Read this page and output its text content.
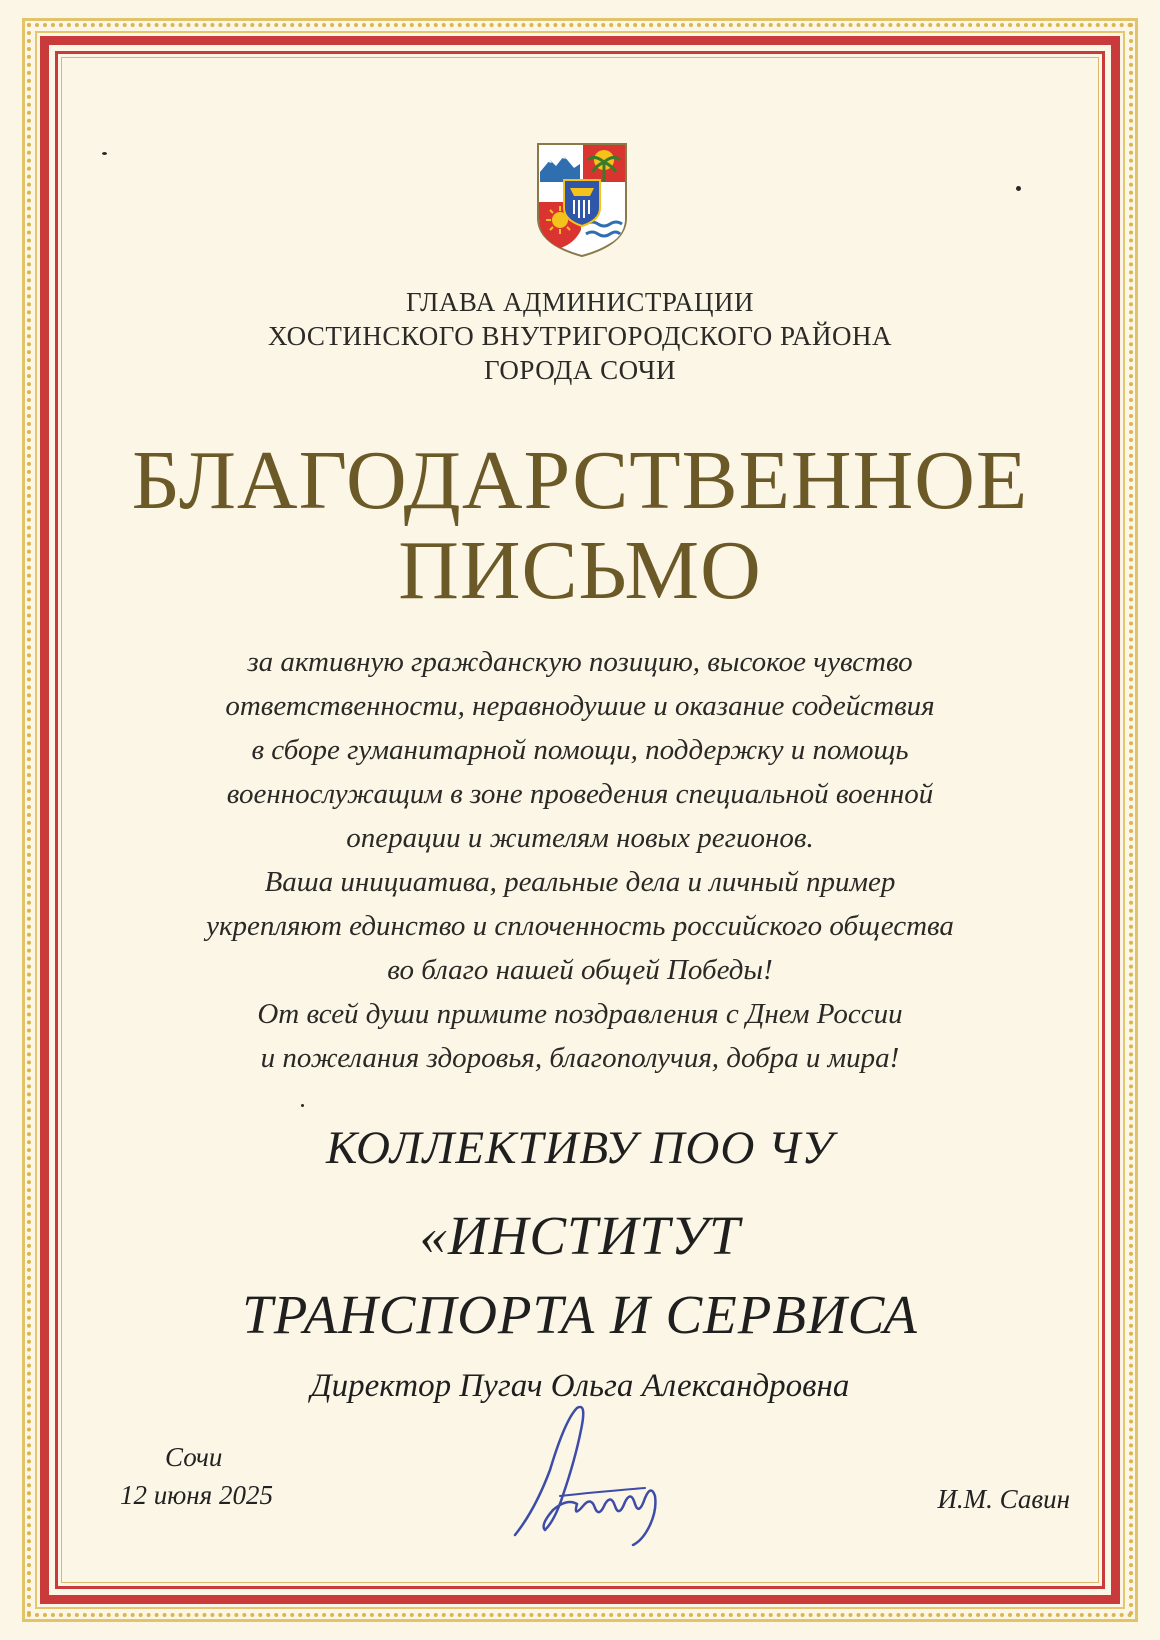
ГЛАВА АДМИНИСТРАЦИИ
ХОСТИНСКОГО ВНУТРИГОРОДСКОГО РАЙОНА
ГОРОДА СОЧИ
БЛАГОДАРСТВЕННОЕ
ПИСЬМО
за активную гражданскую позицию, высокое чувство
ответственности, неравнодушие и оказание содействия
в сборе гуманитарной помощи, поддержку и помощь
военнослужащим в зоне проведения специальной военной
операции и жителям новых регионов.
Ваша инициатива, реальные дела и личный пример
укрепляют единство и сплоченность российского общества
во благо нашей общей Победы!
От всей души примите поздравления с Днем России
и пожелания здоровья, благополучия, добра и мира!
КОЛЛЕКТИВУ ПОО ЧУ
«ИНСТИТУТ
ТРАНСПОРТА И СЕРВИСА
Директор Пугач Ольга Александровна
Сочи
12 июня 2025	И.М. Савин
